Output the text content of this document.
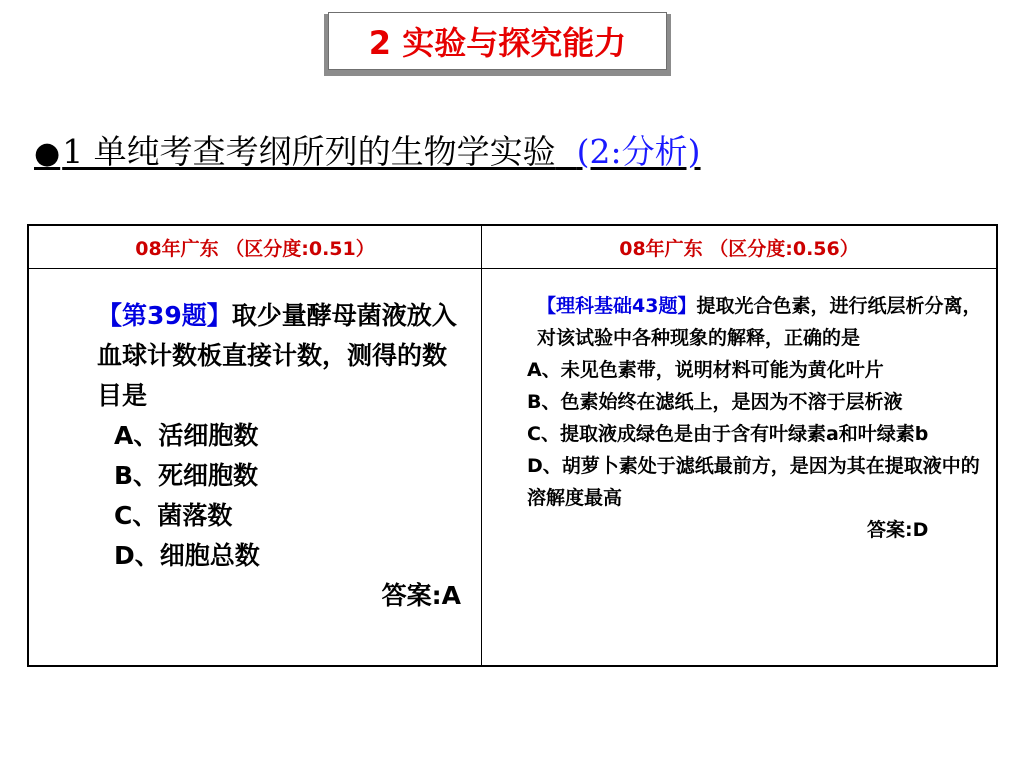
2 实验与探究能力
●1 单纯考查考纲所列的生物学实验 (2:分析)
08年广东 （区分度:0.51）	08年广东 （区分度:0.56）
【第39题】取少量酵母菌液放入血球计数板直接计数，测得的数目是
A、活细胞数
B、死细胞数
C、菌落数
D、细胞总数
答案:A
【理科基础43题】提取光合色素，进行纸层析分离，对该试验中各种现象的解释，正确的是
A、未见色素带，说明材料可能为黄化叶片
B、色素始终在滤纸上，是因为不溶于层析液
C、提取液成绿色是由于含有叶绿素a和叶绿素b
D、胡萝卜素处于滤纸最前方，是因为其在提取液中的溶解度最高
答案:D
